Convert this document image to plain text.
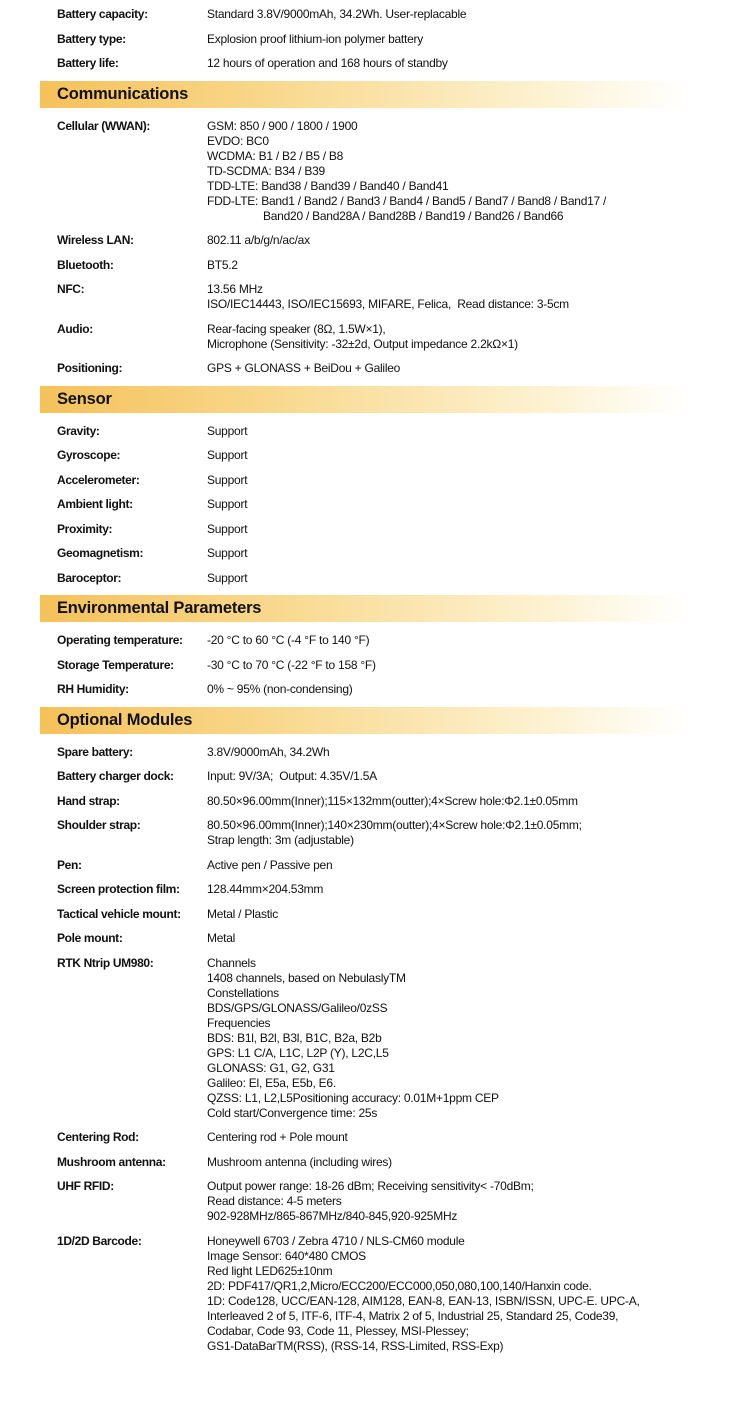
Battery capacity:	Standard 3.8V/9000mAh, 34.2Wh. User-replacable
Battery type:	Explosion proof lithium-ion polymer battery
Battery life:	12 hours of operation and 168 hours of standby
Communications
Cellular (WWAN):	GSM: 850 / 900 / 1800 / 1900
EVDO: BC0
WCDMA: B1 / B2 / B5 / B8
TD-SCDMA: B34 / B39
TDD-LTE: Band38 / Band39 / Band40 / Band41
FDD-LTE: Band1 / Band2 / Band3 / Band4 / Band5 / Band7 / Band8 / Band17 /
Band20 / Band28A / Band28B / Band19 / Band26 / Band66
Wireless LAN:	802.11 a/b/g/n/ac/ax
Bluetooth:	BT5.2
NFC:	13.56 MHz
ISO/IEC14443, ISO/IEC15693, MIFARE, Felica,  Read distance: 3-5cm
Audio:	Rear-facing speaker (8Ω, 1.5W×1),
Microphone (Sensitivity: -32±2d, Output impedance 2.2kΩ×1)
Positioning:	GPS + GLONASS + BeiDou + Galileo
Sensor
Gravity:	Support
Gyroscope:	Support
Accelerometer:	Support
Ambient light:	Support
Proximity:	Support
Geomagnetism:	Support
Baroceptor:	Support
Environmental Parameters
Operating temperature:	-20 °C to 60 °C (-4 °F to 140 °F)
Storage Temperature:	-30 °C to 70 °C (-22 °F to 158 °F)
RH Humidity:	0% ~ 95% (non-condensing)
Optional Modules
Spare battery:	3.8V/9000mAh, 34.2Wh
Battery charger dock:	Input: 9V/3A;  Output: 4.35V/1.5A
Hand strap:	80.50×96.00mm(Inner);115×132mm(outter);4×Screw hole:Φ2.1±0.05mm
Shoulder strap:	80.50×96.00mm(Inner);140×230mm(outter);4×Screw hole:Φ2.1±0.05mm;
Strap length: 3m (adjustable)
Pen:	Active pen / Passive pen
Screen protection film:	128.44mm×204.53mm
Tactical vehicle mount:	Metal / Plastic
Pole mount:	Metal
RTK Ntrip UM980:	Channels
1408 channels, based on NebulaslyTM
Constellations
BDS/GPS/GLONASS/Galileo/0zSS
Frequencies
BDS: B1l, B2l, B3l, B1C, B2a, B2b
GPS: L1 C/A, L1C, L2P (Y), L2C,L5
GLONASS: G1, G2, G31
Galileo: El, E5a, E5b, E6.
QZSS: L1, L2,L5Positioning accuracy: 0.01M+1ppm CEP
Cold start/Convergence time: 25s
Centering Rod:	Centering rod + Pole mount
Mushroom antenna:	Mushroom antenna (including wires)
UHF RFID:	Output power range: 18-26 dBm; Receiving sensitivity< -70dBm;
Read distance: 4-5 meters
902-928MHz/865-867MHz/840-845,920-925MHz
1D/2D Barcode:	Honeywell 6703 / Zebra 4710 / NLS-CM60 module
Image Sensor: 640*480 CMOS
Red light LED625±10nm
2D: PDF417/QR1,2,Micro/ECC200/ECC000,050,080,100,140/Hanxin code.
1D: Code128, UCC/EAN-128, AIM128, EAN-8, EAN-13, ISBN/ISSN, UPC-E. UPC-A,
Interleaved 2 of 5, ITF-6, ITF-4, Matrix 2 of 5, Industrial 25, Standard 25, Code39,
Codabar, Code 93, Code 11, Plessey, MSI-Plessey;
GS1-DataBarTM(RSS), (RSS-14, RSS-Limited, RSS-Exp)
